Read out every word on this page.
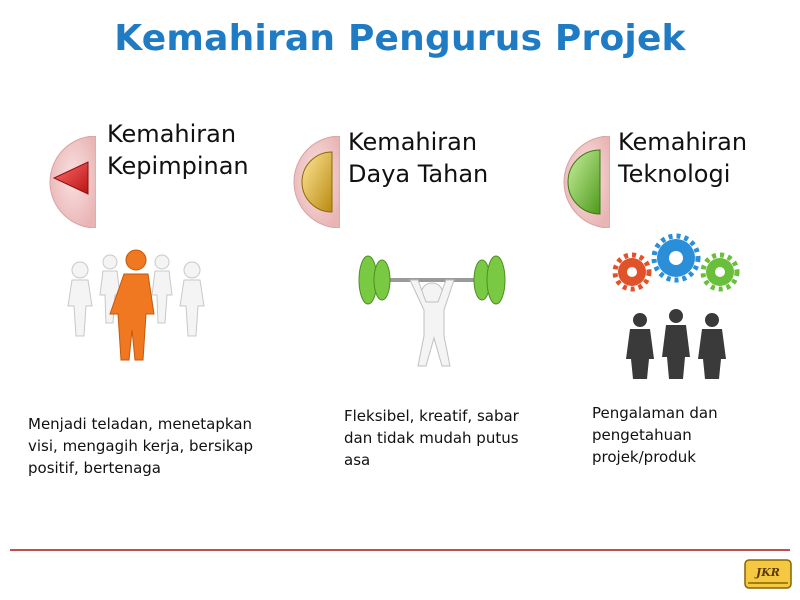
Kemahiran Pengurus Projek
Kemahiran
Kepimpinan
Menjadi teladan, menetapkan
visi, mengagih kerja, bersikap
positif, bertenaga
Kemahiran
Daya Tahan
Fleksibel, kreatif, sabar
dan tidak mudah putus
asa
Kemahiran
Teknologi
Pengalaman dan
pengetahuan
projek/produk
JKR
